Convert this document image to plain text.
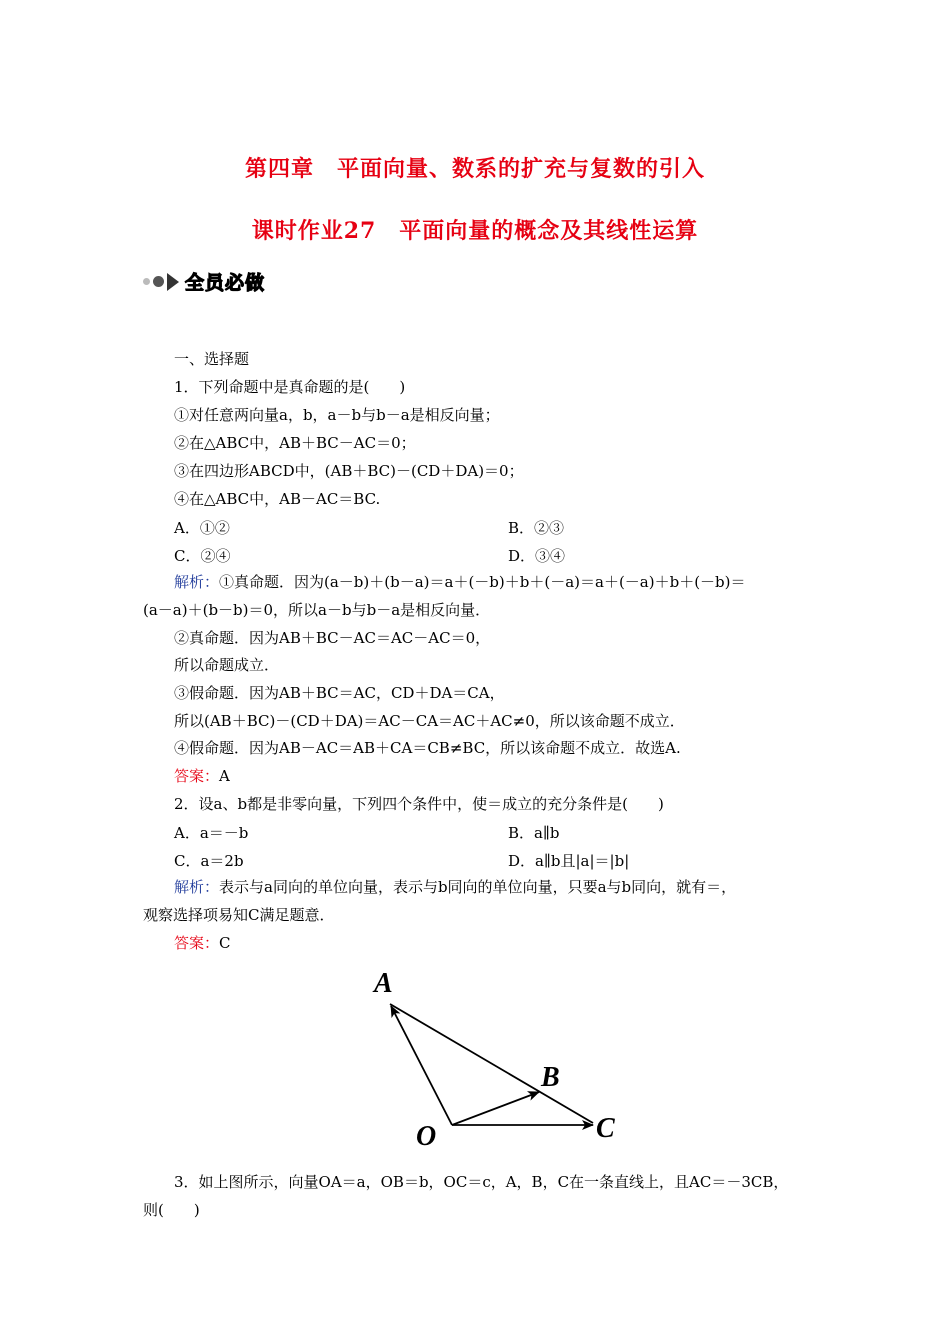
第四章　平面向量、数系的扩充与复数的引入
课时作业27　平面向量的概念及其线性运算
全员必做
一、选择题
1．下列命题中是真命题的是(　　)
①对任意两向量a，b，a－b与b－a是相反向量；
②在△ABC中，AB＋BC－AC＝0；
③在四边形ABCD中，(AB＋BC)－(CD＋DA)＝0；
④在△ABC中，AB－AC＝BC.
A．①②	B．②③
C．②④	D．③④
解析：①真命题．因为(a－b)＋(b－a)＝a＋(－b)＋b＋(－a)＝a＋(－a)＋b＋(－b)＝
(a－a)＋(b－b)＝0，所以a－b与b－a是相反向量．
②真命题．因为AB＋BC－AC＝AC－AC＝0，
所以命题成立．
③假命题．因为AB＋BC＝AC，CD＋DA＝CA，
所以(AB＋BC)－(CD＋DA)＝AC－CA＝AC＋AC≠0，所以该命题不成立．
④假命题．因为AB－AC＝AB＋CA＝CB≠BC，所以该命题不成立．故选A.
答案：A
2．设a、b都是非零向量，下列四个条件中，使＝成立的充分条件是(　　)
A．a＝－b	B．a∥b
C．a＝2b	D．a∥b且|a|＝|b|
解析：表示与a同向的单位向量，表示与b同向的单位向量，只要a与b同向，就有＝，
观察选择项易知C满足题意．
答案：C
A
B
C
O
3．如上图所示，向量OA＝a，OB＝b，OC＝c，A，B，C在一条直线上，且AC＝－3CB，
则(　　)
